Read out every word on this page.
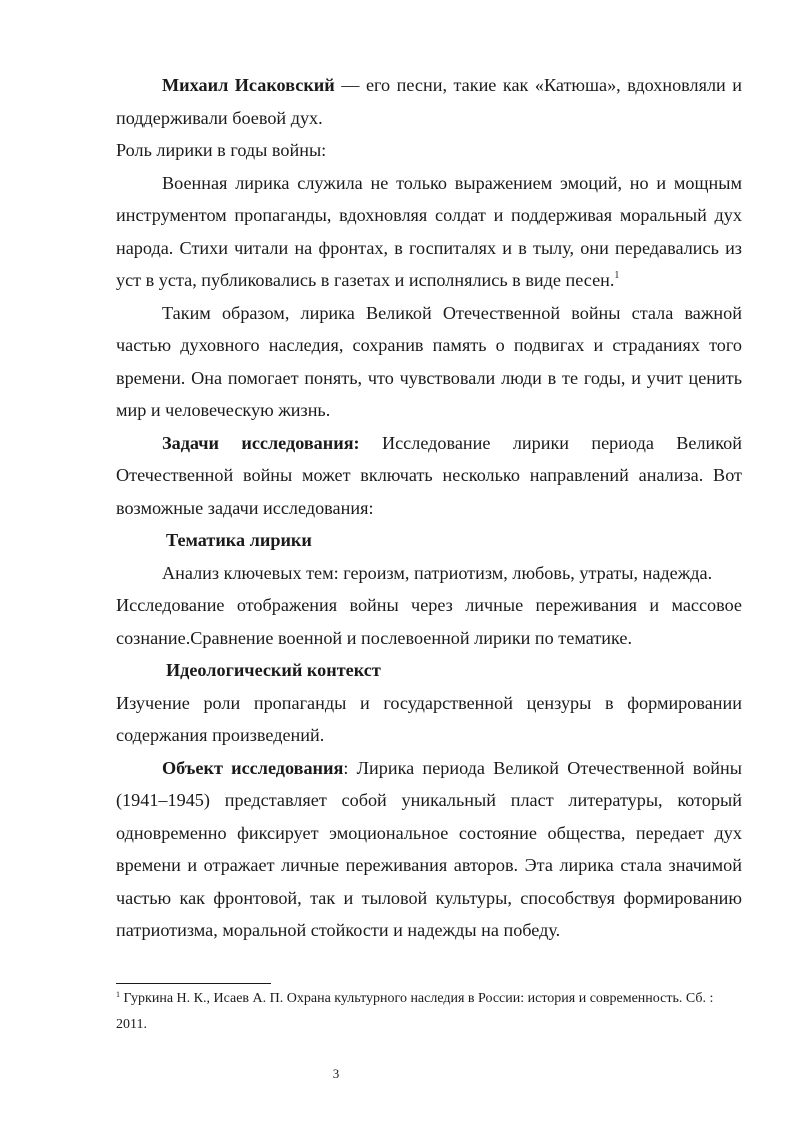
Михаил Исаковский — его песни, такие как «Катюша», вдохновляли и поддерживали боевой дух.

Роль лирики в годы войны:

Военная лирика служила не только выражением эмоций, но и мощным инструментом пропаганды, вдохновляя солдат и поддерживая моральный дух народа. Стихи читали на фронтах, в госпиталях и в тылу, они передавались из уст в уста, публиковались в газетах и исполнялись в виде песен.$^1$

Таким образом, лирика Великой Отечественной войны стала важной частью духовного наследия, сохранив память о подвигах и страданиях того времени. Она помогает понять, что чувствовали люди в те годы, и учит ценить мир и человеческую жизнь.

Задачи исследования: Исследование лирики периода Великой Отечественной войны может включать несколько направлений анализа. Вот возможные задачи исследования:

Тематика лирики

Анализ ключевых тем: героизм, патриотизм, любовь, утраты, надежда.

Исследование отображения войны через личные переживания и массовое сознание.Сравнение военной и послевоенной лирики по тематике.

Идеологический контекст

Изучение роли пропаганды и государственной цензуры в формировании содержания произведений.

Объект исследования: Лирика периода Великой Отечественной войны (1941–1945) представляет собой уникальный пласт литературы, который одновременно фиксирует эмоциональное состояние общества, передает дух времени и отражает личные переживания авторов. Эта лирика стала значимой частью как фронтовой, так и тыловой культуры, способствуя формированию патриотизма, моральной стойкости и надежды на победу.

$^1$ Гуркина Н. К., Исаев А. П. Охрана культурного наследия в России: история и современность. Сб. : 2011.

3
